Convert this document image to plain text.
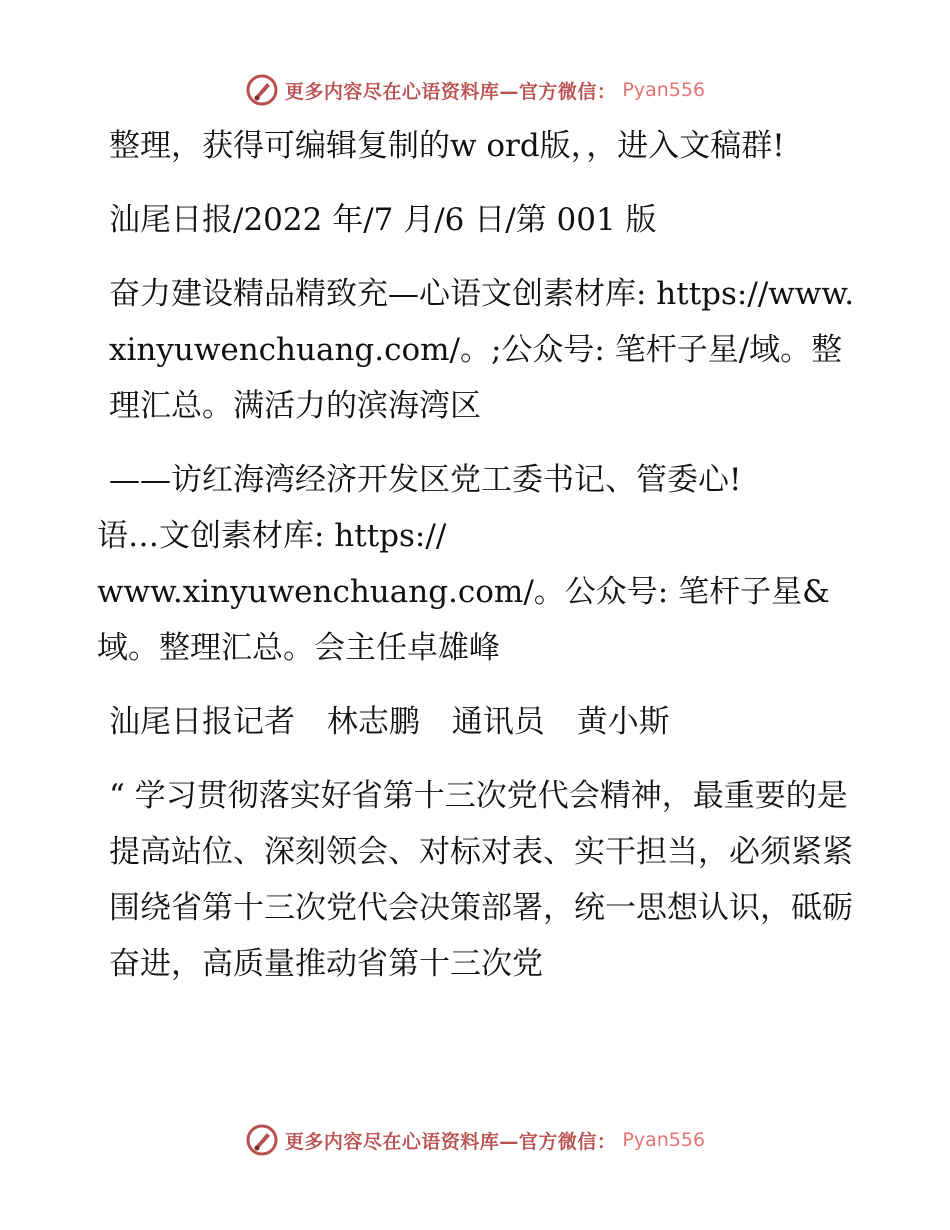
更多内容尽在心语资料库—官方微信： Pyan556

整理，获得可编辑复制的w ord版，，进入文稿群!

汕尾日报/2022 年/7 月/6 日/第 001 版

奋力建设精品精致充—心语文创素材库: https://www.xinyuwenchuang.com/。;公众号: 笔杆子星/域。整理汇总。满活力的滨海湾区

——访红海湾经济开发区党工委书记、管委心!
语…文创素材库: https://
www.xinyuwenchuang.com/。公众号: 笔杆子星&
域。整理汇总。会主任卓雄峰

汕尾日报记者 林志鹏 通讯员 黄小斯

“ 学习贯彻落实好省第十三次党代会精神，最重要的是提高站位、深刻领会、对标对表、实干担当，必须紧紧围绕省第十三次党代会决策部署，统一思想认识，砥砺奋进，高质量推动省第十三次党

更多内容尽在心语资料库—官方微信： Pyan556
